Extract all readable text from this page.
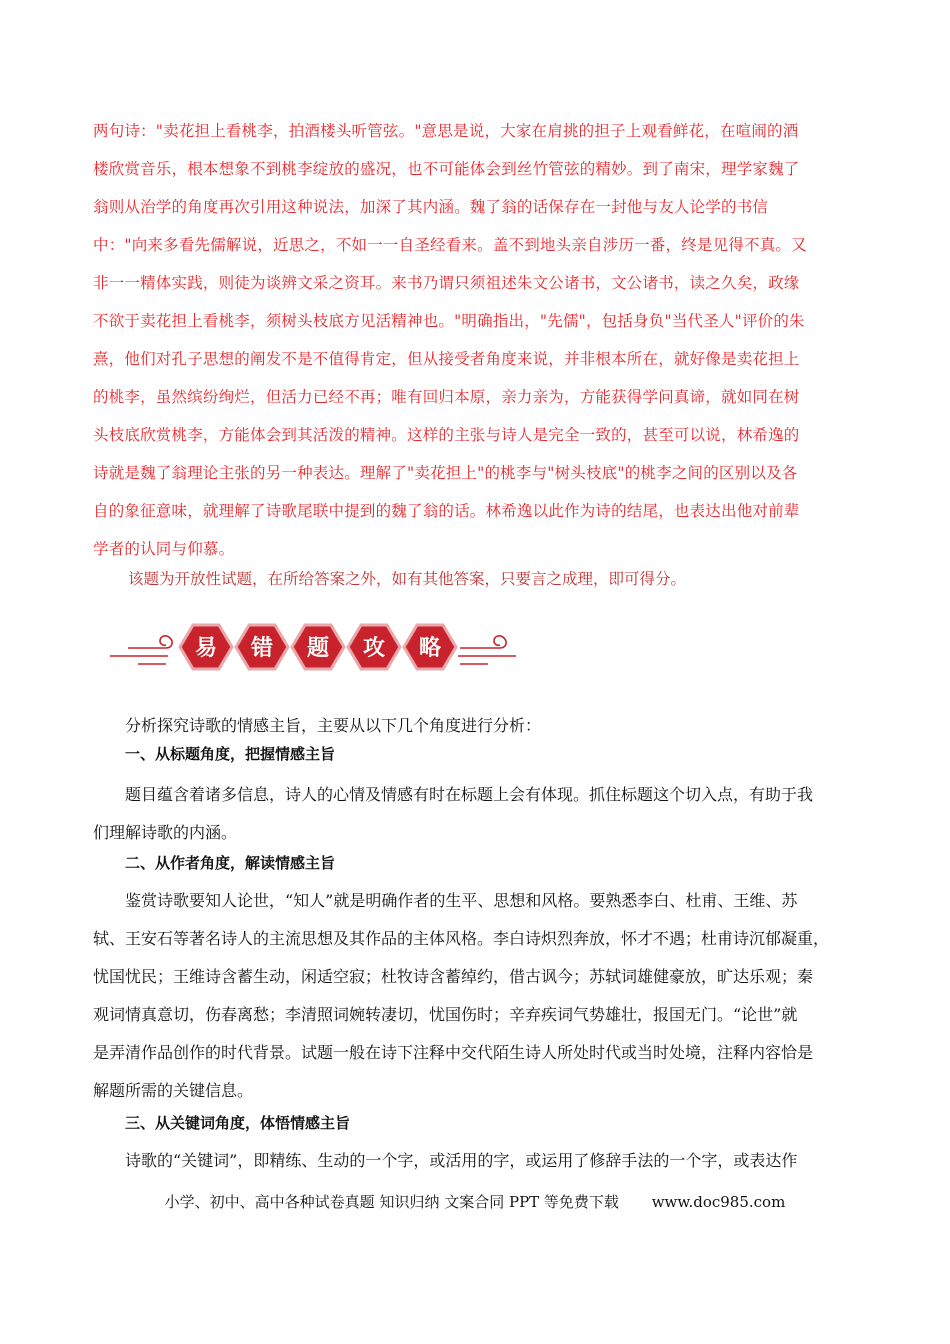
两句诗："卖花担上看桃李，拍酒楼头听管弦。"意思是说，大家在肩挑的担子上观看鲜花，在喧闹的酒

楼欣赏音乐，根本想象不到桃李绽放的盛况，也不可能体会到丝竹管弦的精妙。到了南宋，理学家魏了

翁则从治学的角度再次引用这种说法，加深了其内涵。魏了翁的话保存在一封他与友人论学的书信

中："向来多看先儒解说，近思之，不如一一自圣经看来。盖不到地头亲自涉历一番，终是见得不真。又

非一一精体实践，则徒为谈辨文采之资耳。来书乃谓只须祖述朱文公诸书，文公诸书，读之久矣，政缘

不欲于卖花担上看桃李，须树头枝底方见活精神也。"明确指出，"先儒"，包括身负"当代圣人"评价的朱

熹，他们对孔子思想的阐发不是不值得肯定，但从接受者角度来说，并非根本所在，就好像是卖花担上

的桃李，虽然缤纷绚烂，但活力已经不再；唯有回归本原，亲力亲为，方能获得学问真谛，就如同在树

头枝底欣赏桃李，方能体会到其活泼的精神。这样的主张与诗人是完全一致的，甚至可以说，林希逸的

诗就是魏了翁理论主张的另一种表达。理解了"卖花担上"的桃李与"树头枝底"的桃李之间的区别以及各

自的象征意味，就理解了诗歌尾联中提到的魏了翁的话。林希逸以此作为诗的结尾，也表达出他对前辈

学者的认同与仰慕。

该题为开放性试题，在所给答案之外，如有其他答案，只要言之成理，即可得分。
易 错 题 攻 略
分析探究诗歌的情感主旨，主要从以下几个角度进行分析：
一、从标题角度，把握情感主旨

题目蕴含着诸多信息，诗人的心情及情感有时在标题上会有体现。抓住标题这个切入点，有助于我

们理解诗歌的内涵。

二、从作者角度，解读情感主旨

鉴赏诗歌要知人论世，“知人”就是明确作者的生平、思想和风格。要熟悉李白、杜甫、王维、苏

轼、王安石等著名诗人的主流思想及其作品的主体风格。李白诗炽烈奔放，怀才不遇；杜甫诗沉郁凝重，

忧国忧民；王维诗含蓄生动，闲适空寂；杜牧诗含蓄绰约，借古讽今；苏轼词雄健豪放，旷达乐观；秦

观词情真意切，伤春离愁；李清照词婉转凄切，忧国伤时；辛弃疾词气势雄壮，报国无门。“论世”就

是弄清作品创作的时代背景。试题一般在诗下注释中交代陌生诗人所处时代或当时处境，注释内容恰是

解题所需的关键信息。

三、从关键词角度，体悟情感主旨

诗歌的“关键词”，即精练、生动的一个字，或活用的字，或运用了修辞手法的一个字，或表达作

小学、初中、高中各种试卷真题 知识归纳 文案合同 PPT 等免费下载 www.doc985.com
